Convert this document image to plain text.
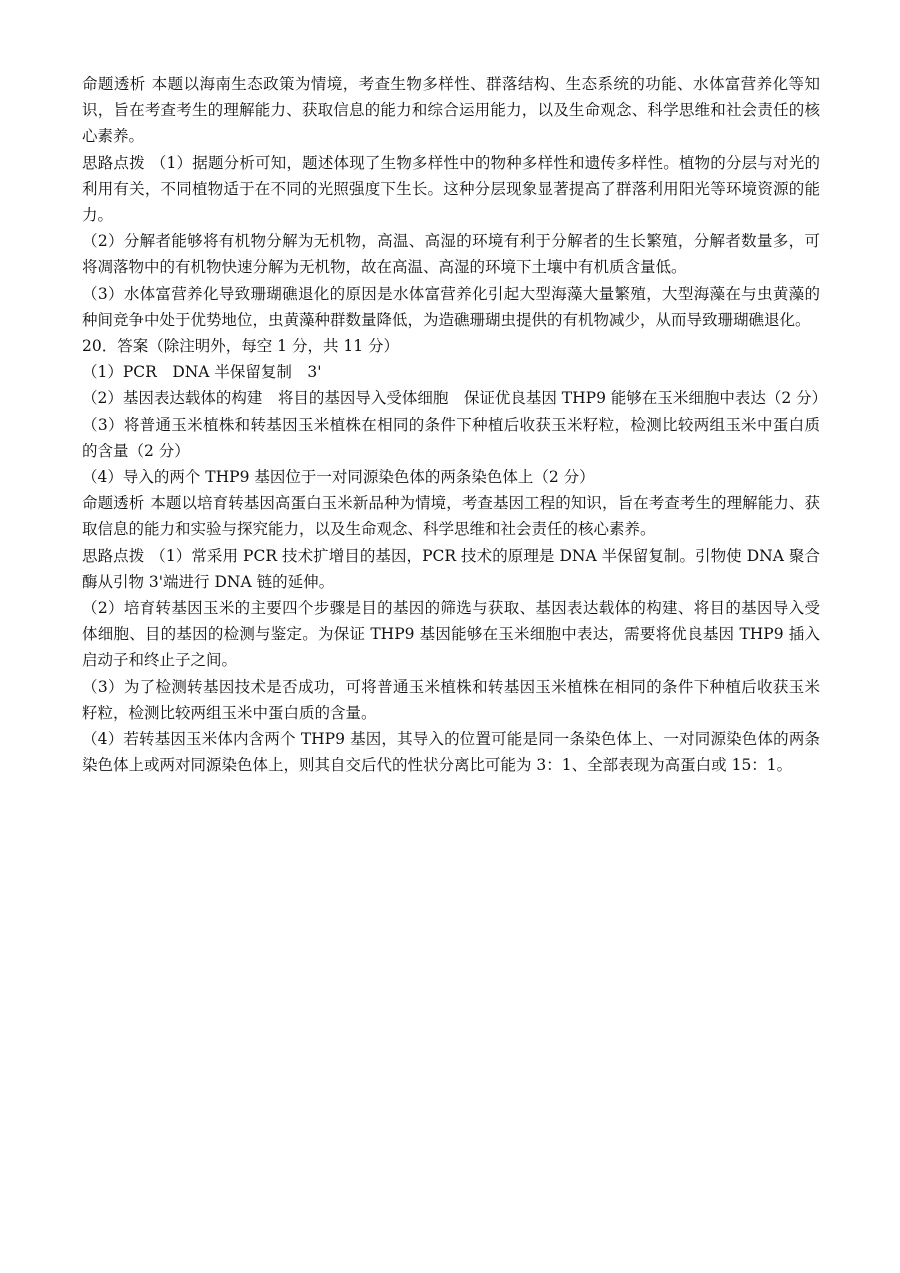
命题透析 本题以海南生态政策为情境，考查生物多样性、群落结构、生态系统的功能、水体富营养化等知识，旨在考查考生的理解能力、获取信息的能力和综合运用能力，以及生命观念、科学思维和社会责任的核心素养。

思路点拨 （1）据题分析可知，题述体现了生物多样性中的物种多样性和遗传多样性。植物的分层与对光的利用有关，不同植物适于在不同的光照强度下生长。这种分层现象显著提高了群落利用阳光等环境资源的能力。

（2）分解者能够将有机物分解为无机物，高温、高湿的环境有利于分解者的生长繁殖，分解者数量多，可将凋落物中的有机物快速分解为无机物，故在高温、高湿的环境下土壤中有机质含量低。

（3）水体富营养化导致珊瑚礁退化的原因是水体富营养化引起大型海藻大量繁殖，大型海藻在与虫黄藻的种间竞争中处于优势地位，虫黄藻种群数量降低，为造礁珊瑚虫提供的有机物减少，从而导致珊瑚礁退化。

20．答案（除注明外，每空 1 分，共 11 分）

（1）PCR　DNA 半保留复制　3'

（2）基因表达载体的构建　将目的基因导入受体细胞　保证优良基因 THP9 能够在玉米细胞中表达（2 分）

（3）将普通玉米植株和转基因玉米植株在相同的条件下种植后收获玉米籽粒，检测比较两组玉米中蛋白质的含量（2 分）

（4）导入的两个 THP9 基因位于一对同源染色体的两条染色体上（2 分）

命题透析 本题以培育转基因高蛋白玉米新品种为情境，考查基因工程的知识，旨在考查考生的理解能力、获取信息的能力和实验与探究能力，以及生命观念、科学思维和社会责任的核心素养。

思路点拨 （1）常采用 PCR 技术扩增目的基因，PCR 技术的原理是 DNA 半保留复制。引物使 DNA 聚合酶从引物 3'端进行 DNA 链的延伸。

（2）培育转基因玉米的主要四个步骤是目的基因的筛选与获取、基因表达载体的构建、将目的基因导入受体细胞、目的基因的检测与鉴定。为保证 THP9 基因能够在玉米细胞中表达，需要将优良基因 THP9 插入启动子和终止子之间。

（3）为了检测转基因技术是否成功，可将普通玉米植株和转基因玉米植株在相同的条件下种植后收获玉米籽粒，检测比较两组玉米中蛋白质的含量。

（4）若转基因玉米体内含两个 THP9 基因，其导入的位置可能是同一条染色体上、一对同源染色体的两条染色体上或两对同源染色体上，则其自交后代的性状分离比可能为 3：1、全部表现为高蛋白或 15：1。
